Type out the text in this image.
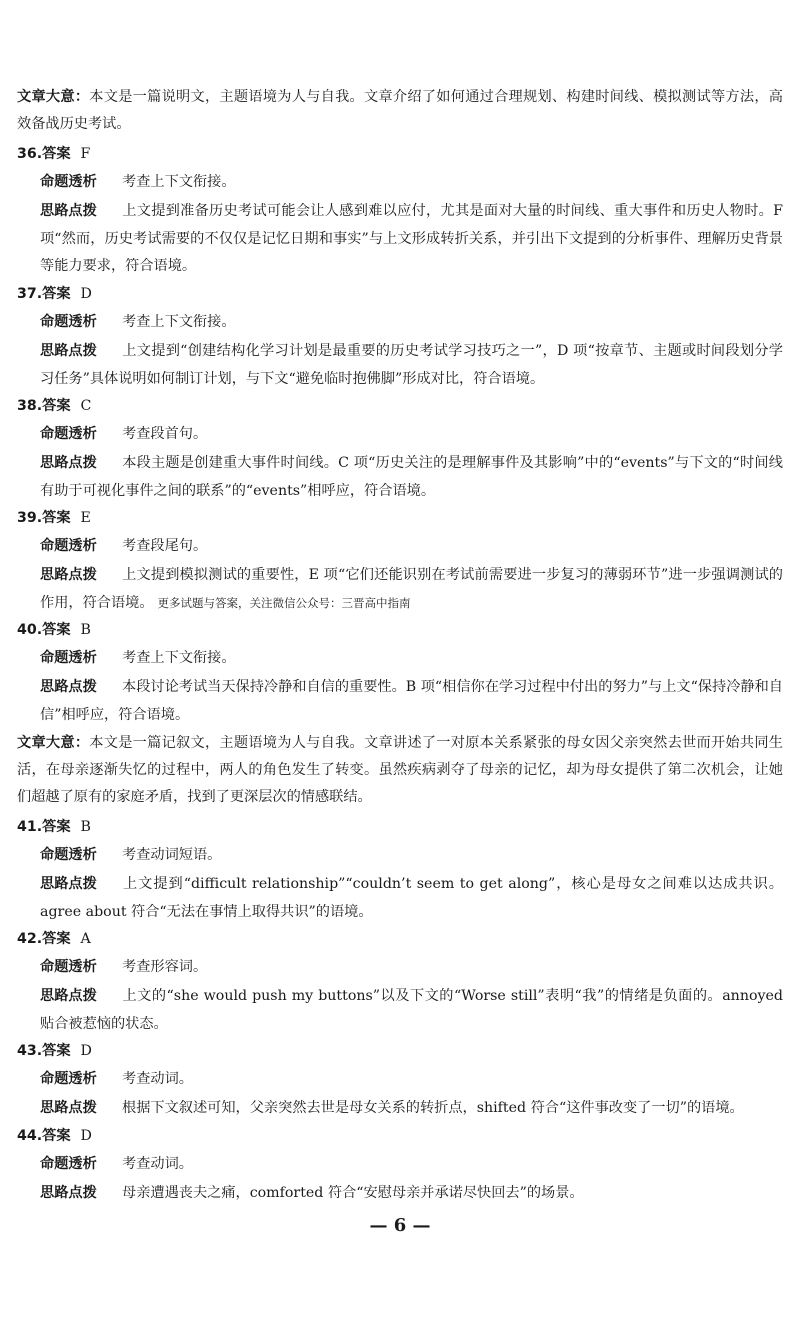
文章大意：本文是一篇说明文，主题语境为人与自我。文章介绍了如何通过合理规划、构建时间线、模拟测试等方法，高效备战历史考试。
36.答案 F
命题透析 考查上下文衔接。
思路点拨 上文提到准备历史考试可能会让人感到难以应付，尤其是面对大量的时间线、重大事件和历史人物时。F 项“然而，历史考试需要的不仅仅是记忆日期和事实”与上文形成转折关系，并引出下文提到的分析事件、理解历史背景等能力要求，符合语境。
37.答案 D
命题透析 考查上下文衔接。
思路点拨 上文提到“创建结构化学习计划是最重要的历史考试学习技巧之一”，D 项“按章节、主题或时间段划分学习任务”具体说明如何制订计划，与下文“避免临时抱佛脚”形成对比，符合语境。
38.答案 C
命题透析 考查段首句。
思路点拨 本段主题是创建重大事件时间线。C 项“历史关注的是理解事件及其影响”中的“events”与下文的“时间线有助于可视化事件之间的联系”的“events”相呼应，符合语境。
39.答案 E
命题透析 考查段尾句。
思路点拨 上文提到模拟测试的重要性，E 项“它们还能识别在考试前需要进一步复习的薄弱环节”进一步强调测试的作用，符合语境。 更多试题与答案，关注微信公众号：三晋高中指南
40.答案 B
命题透析 考查上下文衔接。
思路点拨 本段讨论考试当天保持冷静和自信的重要性。B 项“相信你在学习过程中付出的努力”与上文“保持冷静和自信”相呼应，符合语境。
文章大意：本文是一篇记叙文，主题语境为人与自我。文章讲述了一对原本关系紧张的母女因父亲突然去世而开始共同生活，在母亲逐渐失忆的过程中，两人的角色发生了转变。虽然疾病剥夺了母亲的记忆，却为母女提供了第二次机会，让她们超越了原有的家庭矛盾，找到了更深层次的情感联结。
41.答案 B
命题透析 考查动词短语。
思路点拨 上文提到“difficult relationship”“couldn’t seem to get along”，核心是母女之间难以达成共识。agree about 符合“无法在事情上取得共识”的语境。
42.答案 A
命题透析 考查形容词。
思路点拨 上文的“she would push my buttons”以及下文的“Worse still”表明“我”的情绪是负面的。annoyed 贴合被惹恼的状态。
43.答案 D
命题透析 考查动词。
思路点拨 根据下文叙述可知，父亲突然去世是母女关系的转折点，shifted 符合“这件事改变了一切”的语境。
44.答案 D
命题透析 考查动词。
思路点拨 母亲遭遇丧夫之痛，comforted 符合“安慰母亲并承诺尽快回去”的场景。
— 6 —
